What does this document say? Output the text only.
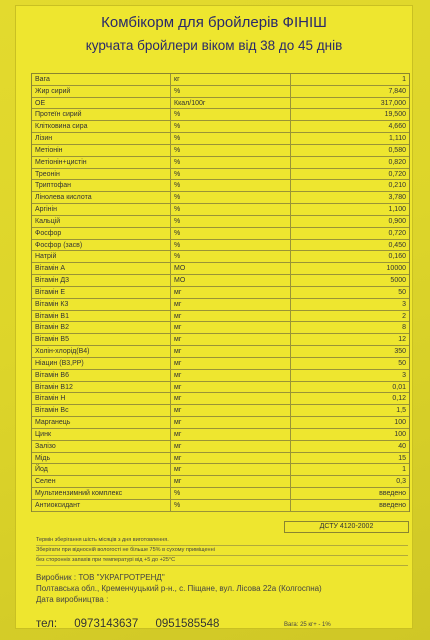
Комбікорм для бройлерів ФІНІШ
курчата бройлери віком від 38 до 45 днів
Вага	кг	1
Жир сирий	%	7,840
ОЕ	Ккал/100г	317,000
Протеїн сирий	%	19,500
Клітковина сира	%	4,660
Лізин	%	1,110
Метіонін	%	0,580
Метіонін+цистін	%	0,820
Треонін	%	0,720
Триптофан	%	0,210
Лінолева кислота	%	3,780
Аргінін	%	1,100
Кальцій	%	0,900
Фосфор	%	0,720
Фосфор (засв)	%	0,450
Натрій	%	0,160
Вітамін А	МО	10000
Вітамін Д3	МО	5000
Вітамін Е	мг	50
Вітамін К3	мг	3
Вітамін В1	мг	2
Вітамін В2	мг	8
Вітамін В5	мг	12
Холін-хлорід(В4)	мг	350
Ніацин (В3,PP)	мг	50
Вітамін В6	мг	3
Вітамін В12	мг	0,01
Вітамін Н	мг	0,12
Вітамін Вс	мг	1,5
Марганець	мг	100
Цинк	мг	100
Залізо	мг	40
Мідь	мг	15
Йод	мг	1
Селен	мг	0,3
Мультиензимний комплекс	%	введено
Антиоксидант	%	введено
ДСТУ 4120-2002
Термін зберігання шість місяців з дня виготовлення.
Зберігати при відносній вологості не більше 75% в сухому приміщенні
без сторонніх запахів при температурі від +5 до +25°С
Виробник : ТОВ "УКРАГРОТРЕНД"
Полтавська обл., Кременчуцький р-н., с. Піщане, вул. Лісова 22а (Колгоспна)
Дата виробництва :
тел: 0973143637 0951585548	Вага: 25 кг+ - 1%
